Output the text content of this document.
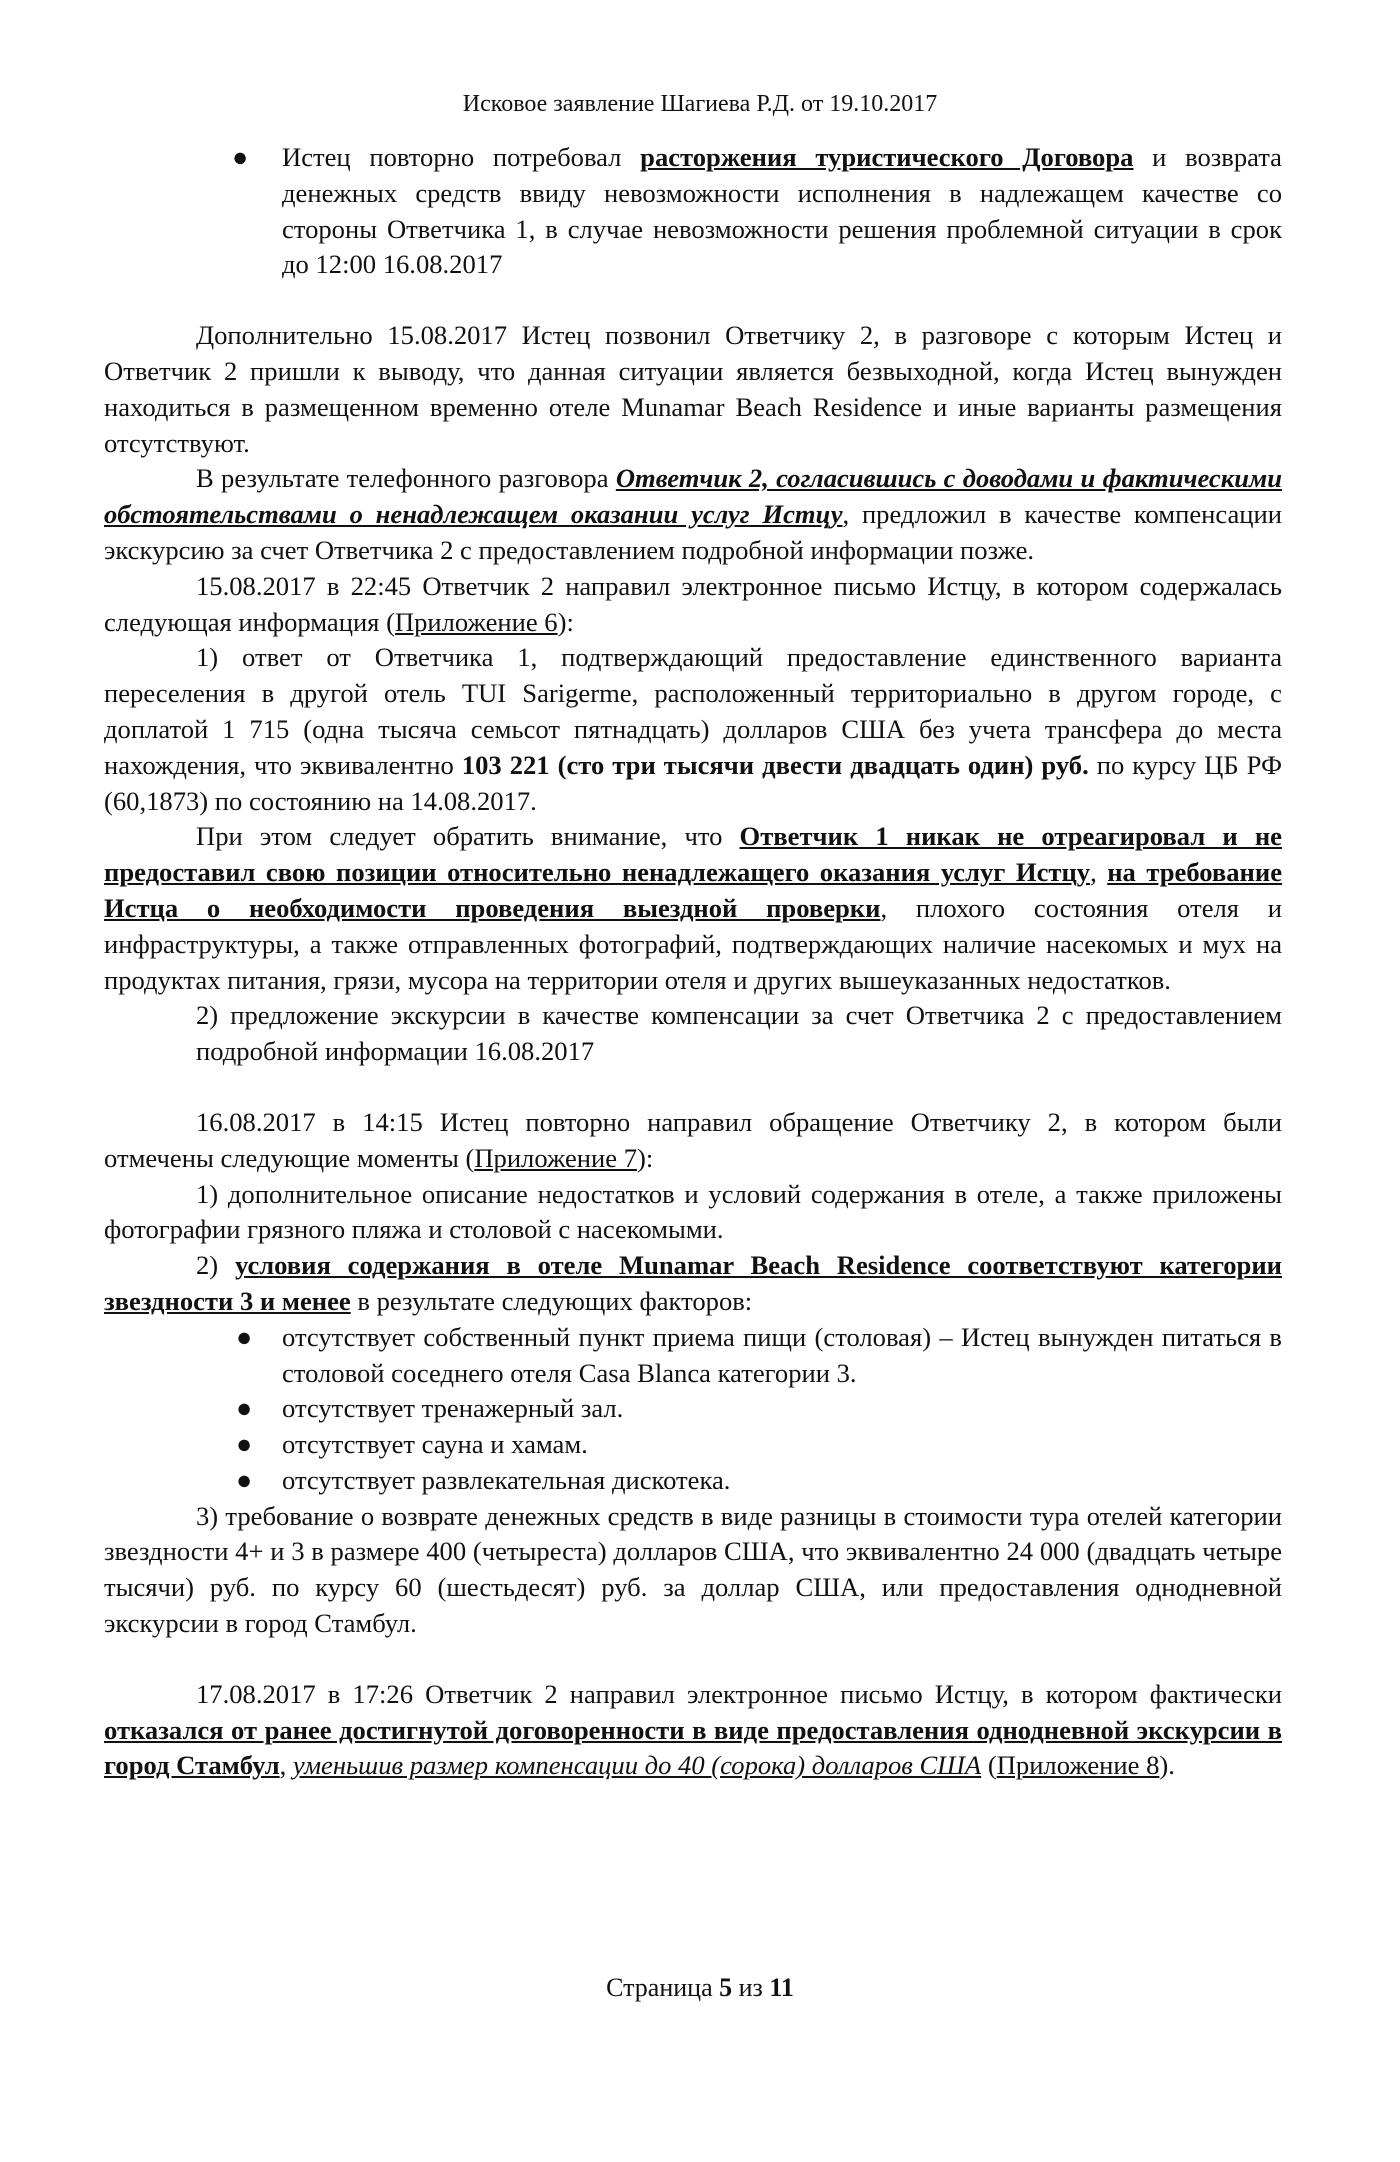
Исковое заявление Шагиева Р.Д. от 19.10.2017
● Истец повторно потребовал расторжения туристического Договора и возврата денежных средств ввиду невозможности исполнения в надлежащем качестве со стороны Ответчика 1, в случае невозможности решения проблемной ситуации в срок до 12:00 16.08.2017

Дополнительно 15.08.2017 Истец позвонил Ответчику 2, в разговоре с которым Истец и Ответчик 2 пришли к выводу, что данная ситуации является безвыходной, когда Истец вынужден находиться в размещенном временно отеле Munamar Beach Residence и иные варианты размещения отсутствуют.

В результате телефонного разговора Ответчик 2, согласившись с доводами и фактическими обстоятельствами о ненадлежащем оказании услуг Истцу, предложил в качестве компенсации экскурсию за счет Ответчика 2 с предоставлением подробной информации позже.

15.08.2017 в 22:45 Ответчик 2 направил электронное письмо Истцу, в котором содержалась следующая информация (Приложение 6):

1) ответ от Ответчика 1, подтверждающий предоставление единственного варианта переселения в другой отель TUI Sarigerme, расположенный территориально в другом городе, с доплатой 1 715 (одна тысяча семьсот пятнадцать) долларов США без учета трансфера до места нахождения, что эквивалентно 103 221 (сто три тысячи двести двадцать один) руб. по курсу ЦБ РФ (60,1873) по состоянию на 14.08.2017.

При этом следует обратить внимание, что Ответчик 1 никак не отреагировал и не предоставил свою позиции относительно ненадлежащего оказания услуг Истцу, на требование Истца о необходимости проведения выездной проверки, плохого состояния отеля и инфраструктуры, а также отправленных фотографий, подтверждающих наличие насекомых и мух на продуктах питания, грязи, мусора на территории отеля и других вышеуказанных недостатков.

2) предложение экскурсии в качестве компенсации за счет Ответчика 2 с предоставлением подробной информации 16.08.2017

16.08.2017 в 14:15 Истец повторно направил обращение Ответчику 2, в котором были отмечены следующие моменты (Приложение 7):

1) дополнительное описание недостатков и условий содержания в отеле, а также приложены фотографии грязного пляжа и столовой с насекомыми.

2) условия содержания в отеле Munamar Beach Residence соответствуют категории звездности 3 и менее в результате следующих факторов:

● отсутствует собственный пункт приема пищи (столовая) – Истец вынужден питаться в столовой соседнего отеля Casa Blanca категории 3.
● отсутствует тренажерный зал.
● отсутствует сауна и хамам.
● отсутствует развлекательная дискотека.

3) требование о возврате денежных средств в виде разницы в стоимости тура отелей категории звездности 4+ и 3 в размере 400 (четыреста) долларов США, что эквивалентно 24 000 (двадцать четыре тысячи) руб. по курсу 60 (шестьдесят) руб. за доллар США, или предоставления однодневной экскурсии в город Стамбул.

17.08.2017 в 17:26 Ответчик 2 направил электронное письмо Истцу, в котором фактически отказался от ранее достигнутой договоренности в виде предоставления однодневной экскурсии в город Стамбул, уменьшив размер компенсации до 40 (сорока) долларов США (Приложение 8).

Страница 5 из 11
